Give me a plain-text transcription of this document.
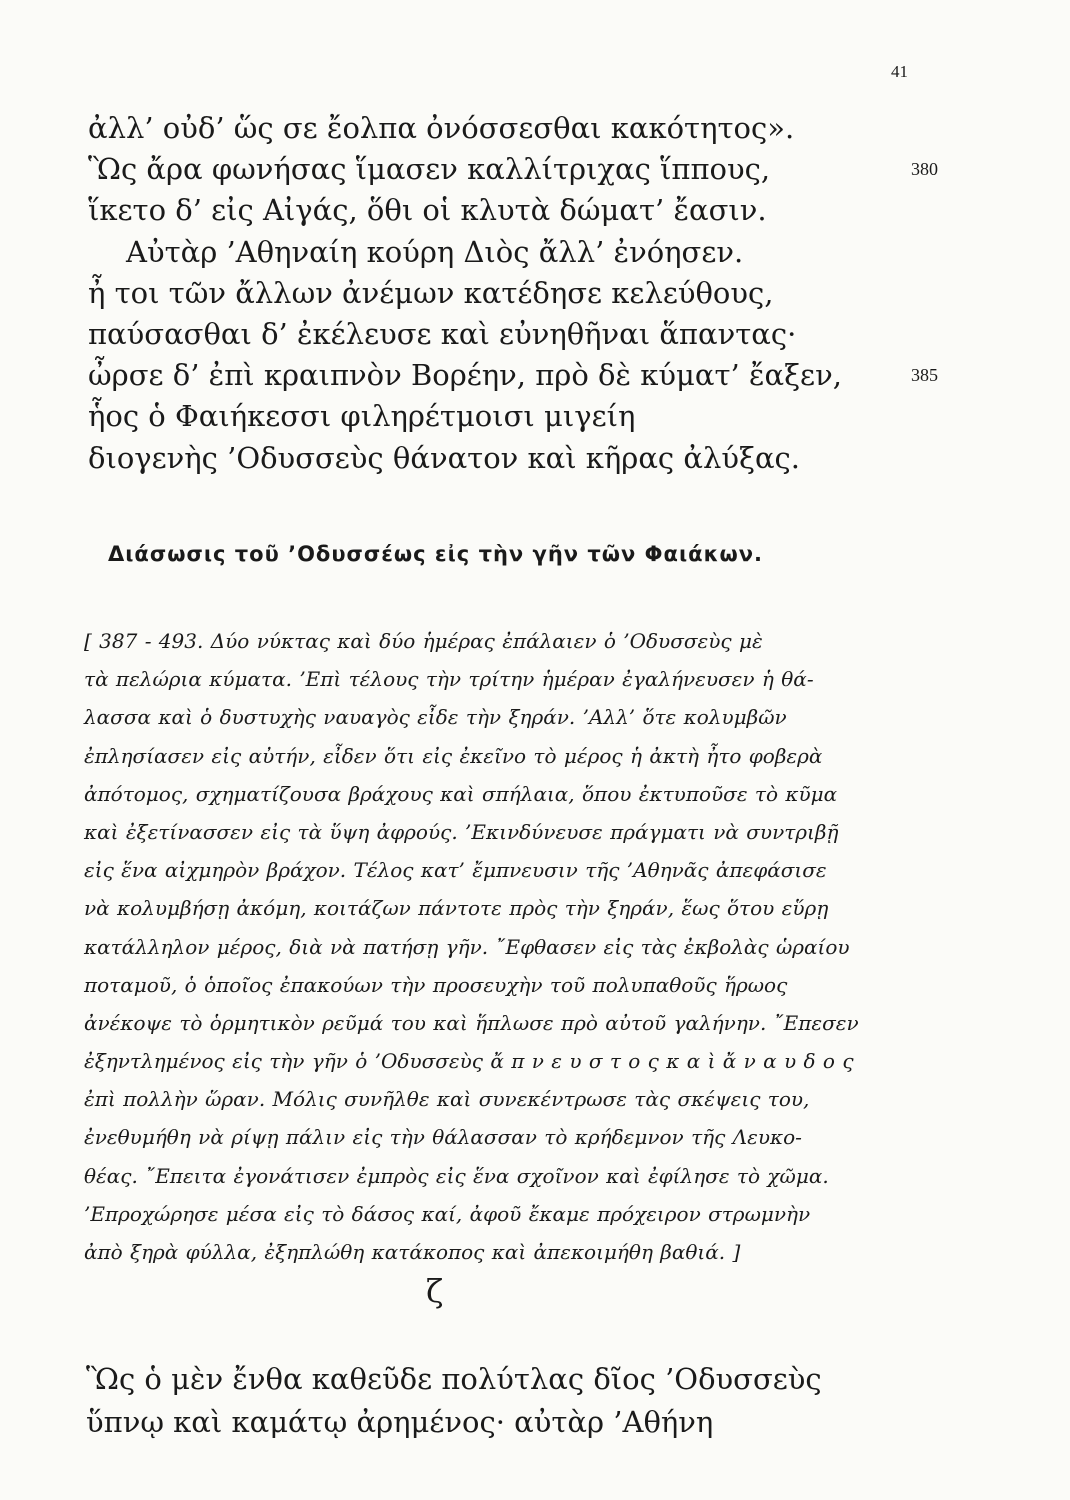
41
ἀλλ’ οὐδ’ ὥς σε ἔολπα ὀνόσσεσθαι κακότητος».
Ὣς ἄρα φωνήσας ἵμασεν καλλίτριχας ἵππους,	380
ἵκετο δ’ εἰς Αἰγάς, ὅθι οἱ κλυτὰ δώματ’ ἔασιν.
Αὐτὰρ ’Αθηναίη κούρη Διὸς ἄλλ’ ἐνόησεν.
ἦ τοι τῶν ἄλλων ἀνέμων κατέδησε κελεύθους,
παύσασθαι δ’ ἐκέλευσε καὶ εὐνηθῆναι ἅπαντας·
ὦρσε δ’ ἐπὶ κραιπνὸν Βορέην, πρὸ δὲ κύματ’ ἔαξεν,	385
ἧος ὁ Φαιήκεσσι φιληρέτμοισι μιγείη
διογενὴς ’Οδυσσεὺς θάνατον καὶ κῆρας ἀλύξας.
Διάσωσις τοῦ ’Οδυσσέως εἰς τὴν γῆν τῶν Φαιάκων.
[ 387 - 493. Δύο νύκτας καὶ δύο ἡμέρας ἐπάλαιεν ὁ ’Οδυσσεὺς μὲ
τὰ πελώρια κύματα. ’Επὶ τέλους τὴν τρίτην ἡμέραν ἐγαλήνευσεν ἡ θά-
λασσα καὶ ὁ δυστυχὴς ναυαγὸς εἶδε τὴν ξηράν. ’Αλλ’ ὅτε κολυμβῶν
ἐπλησίασεν εἰς αὐτήν, εἶδεν ὅτι εἰς ἐκεῖνο τὸ μέρος ἡ ἀκτὴ ἦτο φοβερὰ
ἀπότομος, σχηματίζουσα βράχους καὶ σπήλαια, ὅπου ἐκτυποῦσε τὸ κῦμα
καὶ ἐξετίνασσεν εἰς τὰ ὕψη ἀφρούς. ’Εκινδύνευσε πράγματι νὰ συντριβῇ
εἰς ἕνα αἰχμηρὸν βράχον. Τέλος κατ’ ἔμπνευσιν τῆς ’Αθηνᾶς ἀπεφάσισε
νὰ κολυμβήσῃ ἀκόμη, κοιτάζων πάντοτε πρὸς τὴν ξηράν, ἕως ὅτου εὕρῃ
κατάλληλον μέρος, διὰ νὰ πατήσῃ γῆν. ῎Εφθασεν εἰς τὰς ἐκβολὰς ὡραίου
ποταμοῦ, ὁ ὁποῖος ἐπακούων τὴν προσευχὴν τοῦ πολυπαθοῦς ἥρωος
ἀνέκοψε τὸ ὁρμητικὸν ρεῦμά του καὶ ἥπλωσε πρὸ αὐτοῦ γαλήνην. ῎Επεσεν
ἐξηντλημένος εἰς τὴν γῆν ὁ ’Οδυσσεὺς ἄ π ν ε υ σ τ ο ς κ α ὶ ἄ ν α υ δ ο ς
ἐπὶ πολλὴν ὥραν. Μόλις συνῆλθε καὶ συνεκέντρωσε τὰς σκέψεις του,
ἐνεθυμήθη νὰ ρίψῃ πάλιν εἰς τὴν θάλασσαν τὸ κρήδεμνον τῆς Λευκο-
θέας. ῎Επειτα ἐγονάτισεν ἐμπρὸς εἰς ἕνα σχοῖνον καὶ ἐφίλησε τὸ χῶμα.
’Επροχώρησε μέσα εἰς τὸ δάσος καί, ἀφοῦ ἔκαμε πρόχειρον στρωμνὴν
ἀπὸ ξηρὰ φύλλα, ἐξηπλώθη κατάκοπος καὶ ἀπεκοιμήθη βαθιά. ]
ζ
Ὣς ὁ μὲν ἔνθα καθεῦδε πολύτλας δῖος ’Οδυσσεὺς
ὕπνῳ καὶ καμάτῳ ἀρημένος· αὐτὰρ ’Αθήνη
